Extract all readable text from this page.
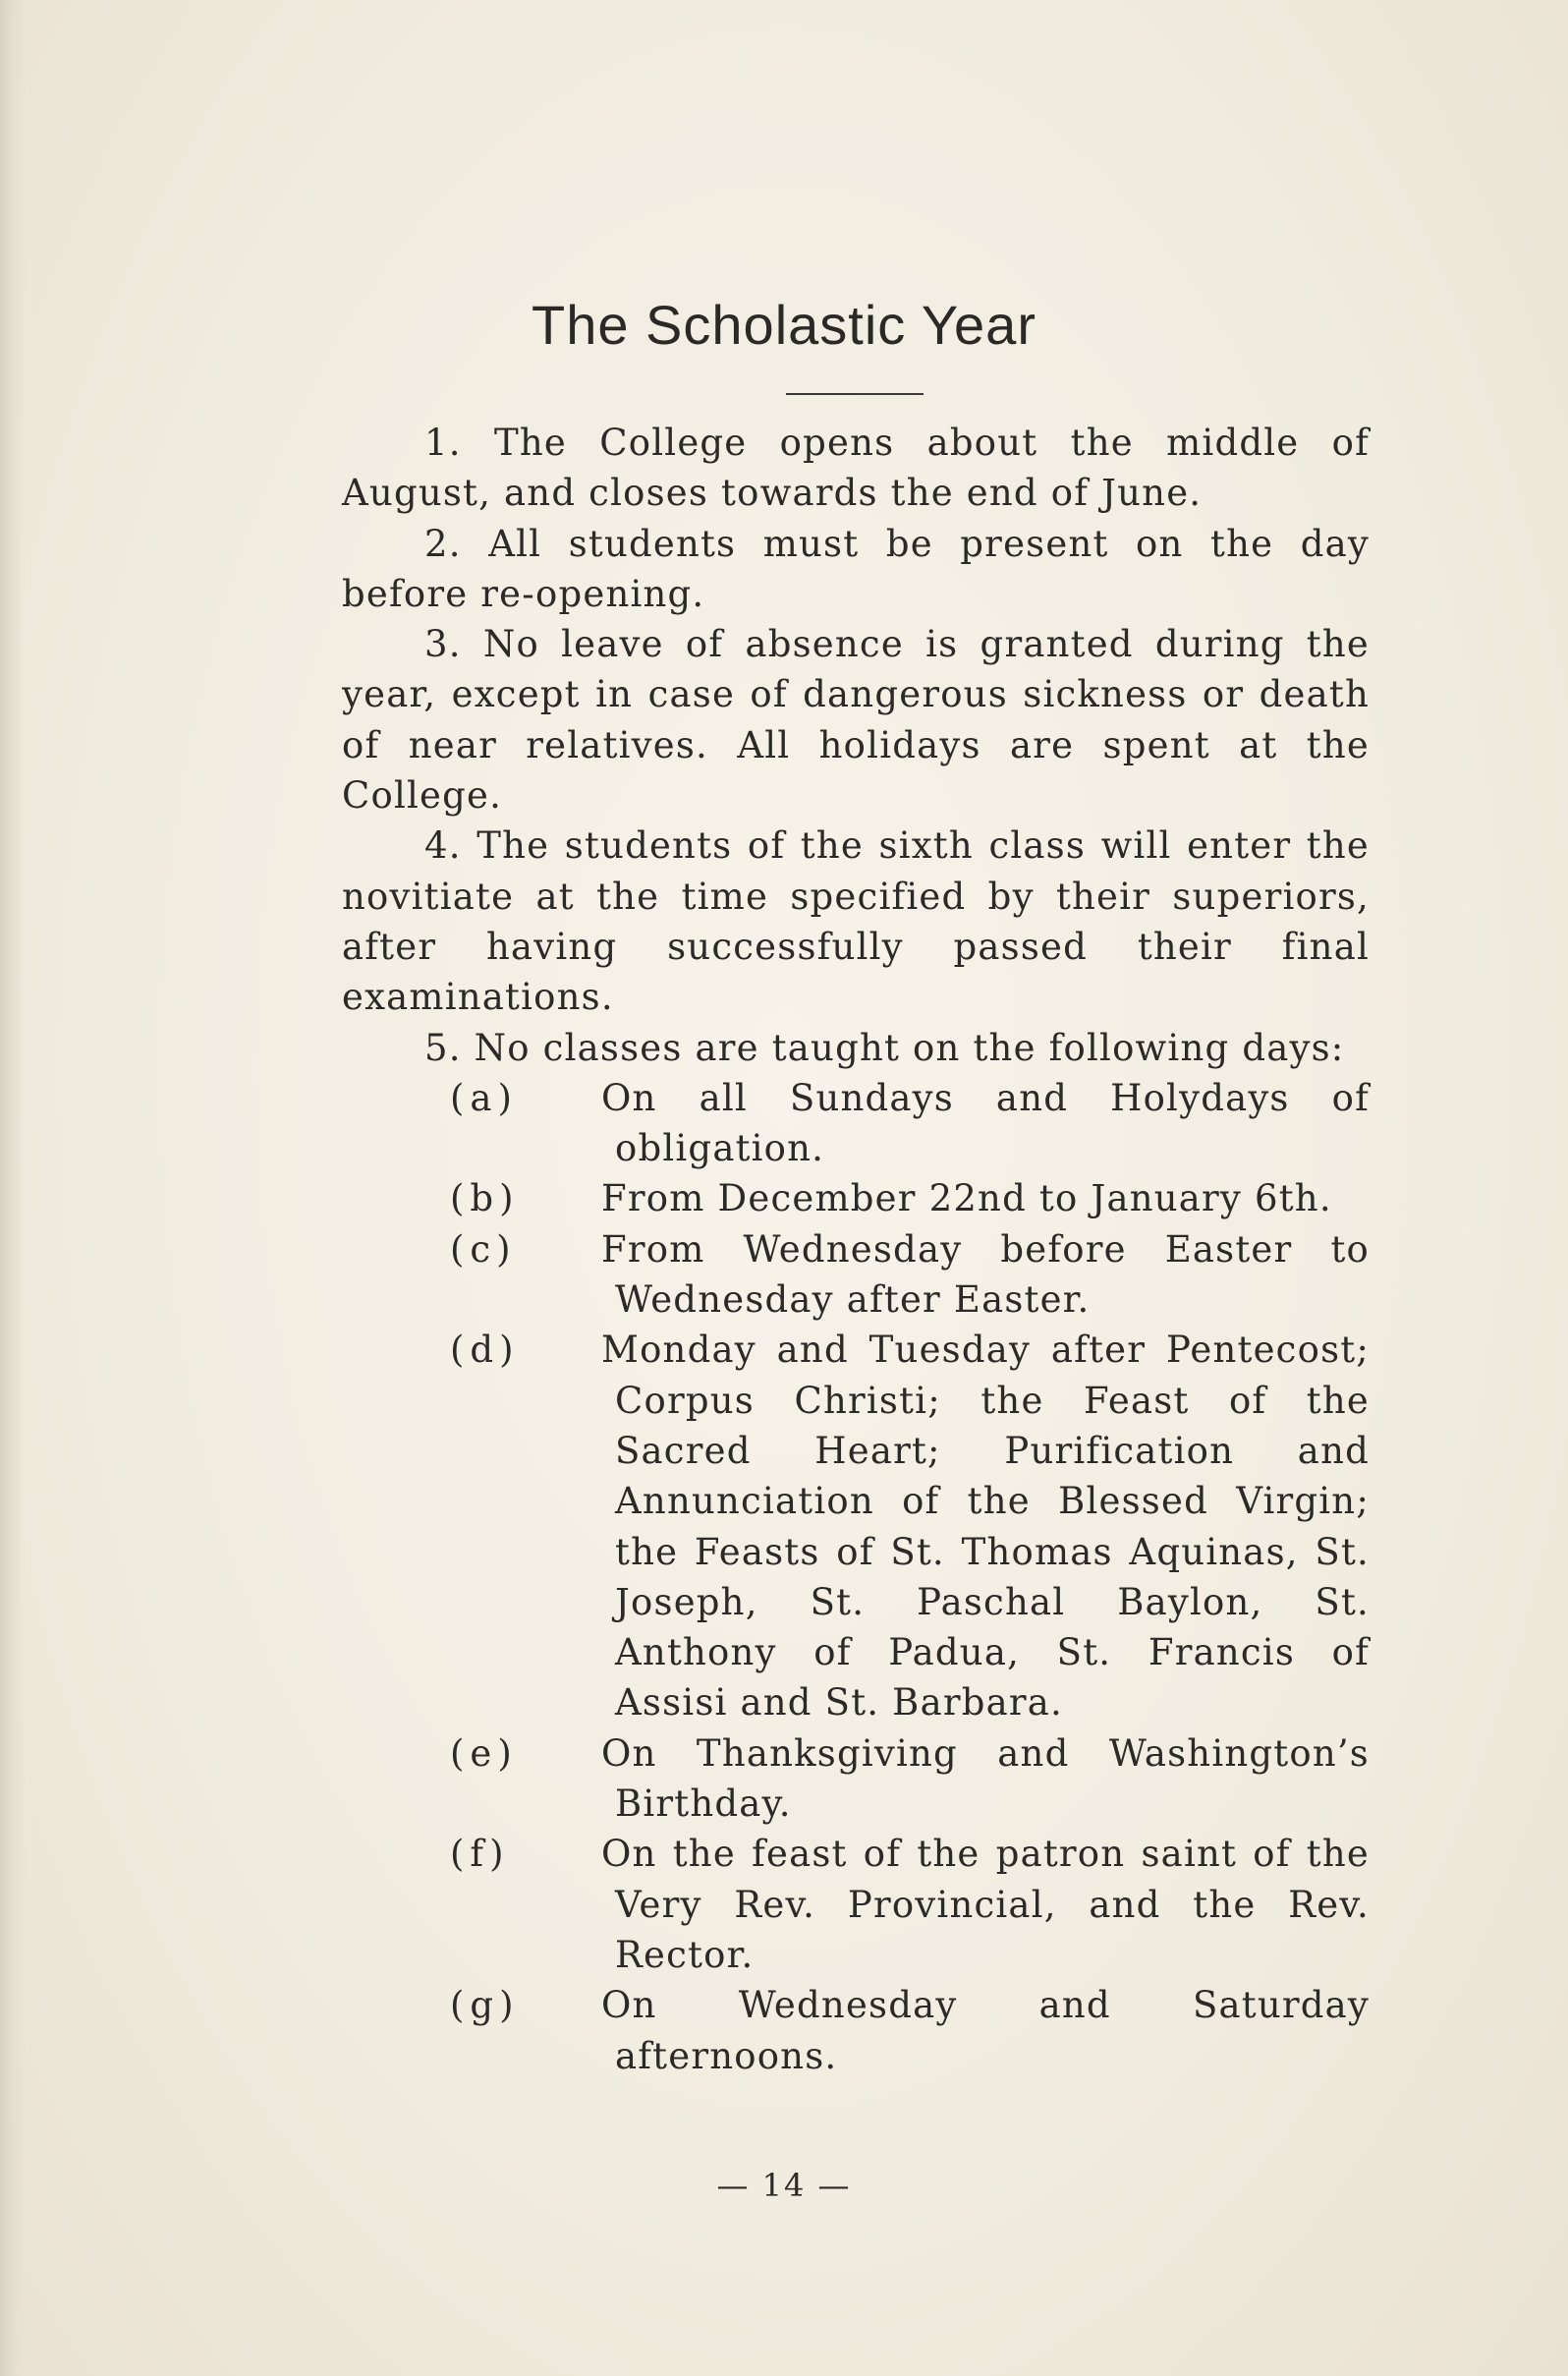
The Scholastic Year

1. The College opens about the middle of August, and closes towards the end of June.

2. All students must be present on the day before re-opening.

3. No leave of absence is granted during the year, except in case of dangerous sickness or death of near relatives. All holidays are spent at the College.

4. The students of the sixth class will enter the novitiate at the time specified by their superiors, after having successfully passed their final examinations.

5. No classes are taught on the following days:

(a) On all Sundays and Holydays of obligation.
(b) From December 22nd to January 6th.
(c) From Wednesday before Easter to Wednesday after Easter.
(d) Monday and Tuesday after Pentecost; Corpus Christi; the Feast of the Sacred Heart; Purification and Annunciation of the Blessed Virgin; the Feasts of St. Thomas Aquinas, St. Joseph, St. Paschal Baylon, St. Anthony of Padua, St. Francis of Assisi and St. Barbara.
(e) On Thanksgiving and Washington’s Birthday.
(f)	On the feast of the patron saint of the Very Rev. Provincial, and the Rev. Rector.
(g) On Wednesday and Saturday afternoons.
— 14 —
